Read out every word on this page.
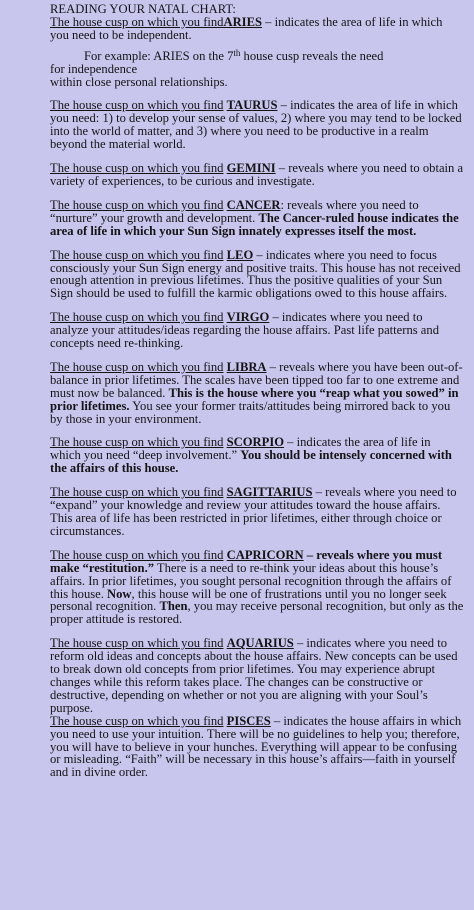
READING YOUR NATAL CHART:

The house cusp on which you findARIES – indicates the area of life in which you need to be independent.

For example: ARIES on the 7th house cusp reveals the need

for independence

within close personal relationships.

The house cusp on which you find TAURUS – indicates the area of life in which you need: 1) to develop your sense of values, 2) where you may tend to be locked into the world of matter, and 3) where you need to be productive in a realm beyond the material world.

The house cusp on which you find GEMINI – reveals where you need to obtain a variety of experiences, to be curious and investigate.

The house cusp on which you find CANCER: reveals where you need to “nurture” your growth and development. The Cancer-ruled house indicates the area of life in which your Sun Sign innately expresses itself the most.

The house cusp on which you find LEO – indicates where you need to focus consciously your Sun Sign energy and positive traits. This house has not received enough attention in previous lifetimes. Thus the positive qualities of your Sun Sign should be used to fulfill the karmic obligations owed to this house affairs.

The house cusp on which you find VIRGO – indicates where you need to analyze your attitudes/ideas regarding the house affairs. Past life patterns and concepts need re-thinking.

The house cusp on which you find LIBRA – reveals where you have been out-of-balance in prior lifetimes. The scales have been tipped too far to one extreme and must now be balanced. This is the house where you “reap what you sowed” in prior lifetimes. You see your former traits/attitudes being mirrored back to you by those in your environment.

The house cusp on which you find SCORPIO – indicates the area of life in which you need “deep involvement.” You should be intensely concerned with the affairs of this house.

The house cusp on which you find SAGITTARIUS – reveals where you need to “expand” your knowledge and review your attitudes toward the house affairs. This area of life has been restricted in prior lifetimes, either through choice or circumstances.

The house cusp on which you find CAPRICORN – reveals where you must make “restitution.” There is a need to re-think your ideas about this house’s affairs. In prior lifetimes, you sought personal recognition through the affairs of this house. Now, this house will be one of frustrations until you no longer seek personal recognition. Then, you may receive personal recognition, but only as the proper attitude is restored.

The house cusp on which you find AQUARIUS – indicates where you need to reform old ideas and concepts about the house affairs. New concepts can be used to break down old concepts from prior lifetimes. You may experience abrupt changes while this reform takes place. The changes can be constructive or destructive, depending on whether or not you are aligning with your Soul’s purpose.

The house cusp on which you find PISCES – indicates the house affairs in which you need to use your intuition. There will be no guidelines to help you; therefore, you will have to believe in your hunches. Everything will appear to be confusing or misleading. “Faith” will be necessary in this house’s affairs—faith in yourself and in divine order.
